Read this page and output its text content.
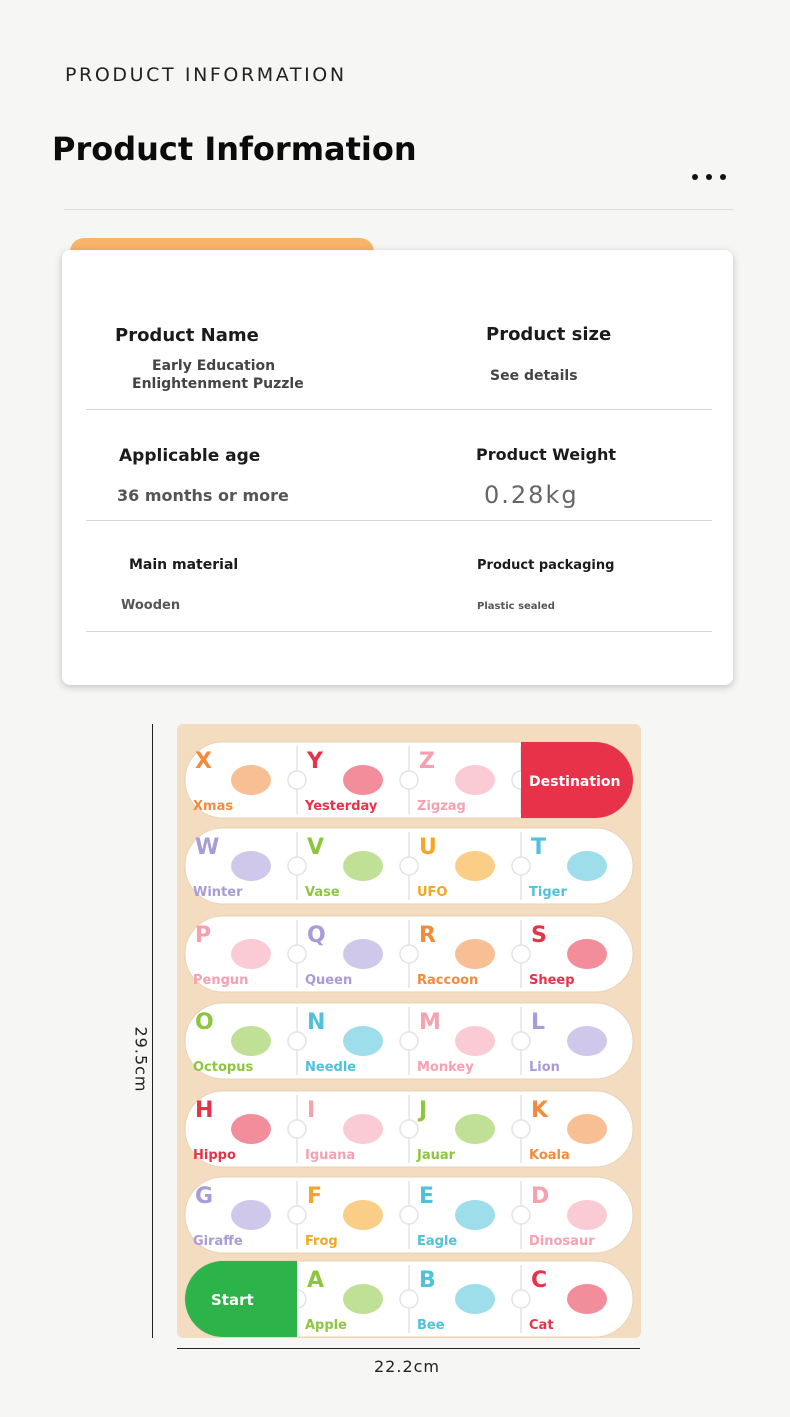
PRODUCT INFORMATION
Product Information
Product Name
Early Education
Enlightenment Puzzle
Product size
See details
Applicable age
36 months or more
Product Weight
0.28kg
Main material
Wooden
Product packaging
Plastic sealed
29.5cm
22.2cm
X
Xmas
Y
Yesterday
Z
Zigzag
Destination
W
Winter
V
Vase
U
UFO
T
Tiger
P
Pengun
Q
Queen
R
Raccoon
S
Sheep
O
Octopus
N
Needle
M
Monkey
L
Lion
H
Hippo
I
Iguana
J
Jauar
K
Koala
G
Giraffe
F
Frog
E
Eagle
D
Dinosaur
A
Apple
B
Bee
C
Cat
Start
